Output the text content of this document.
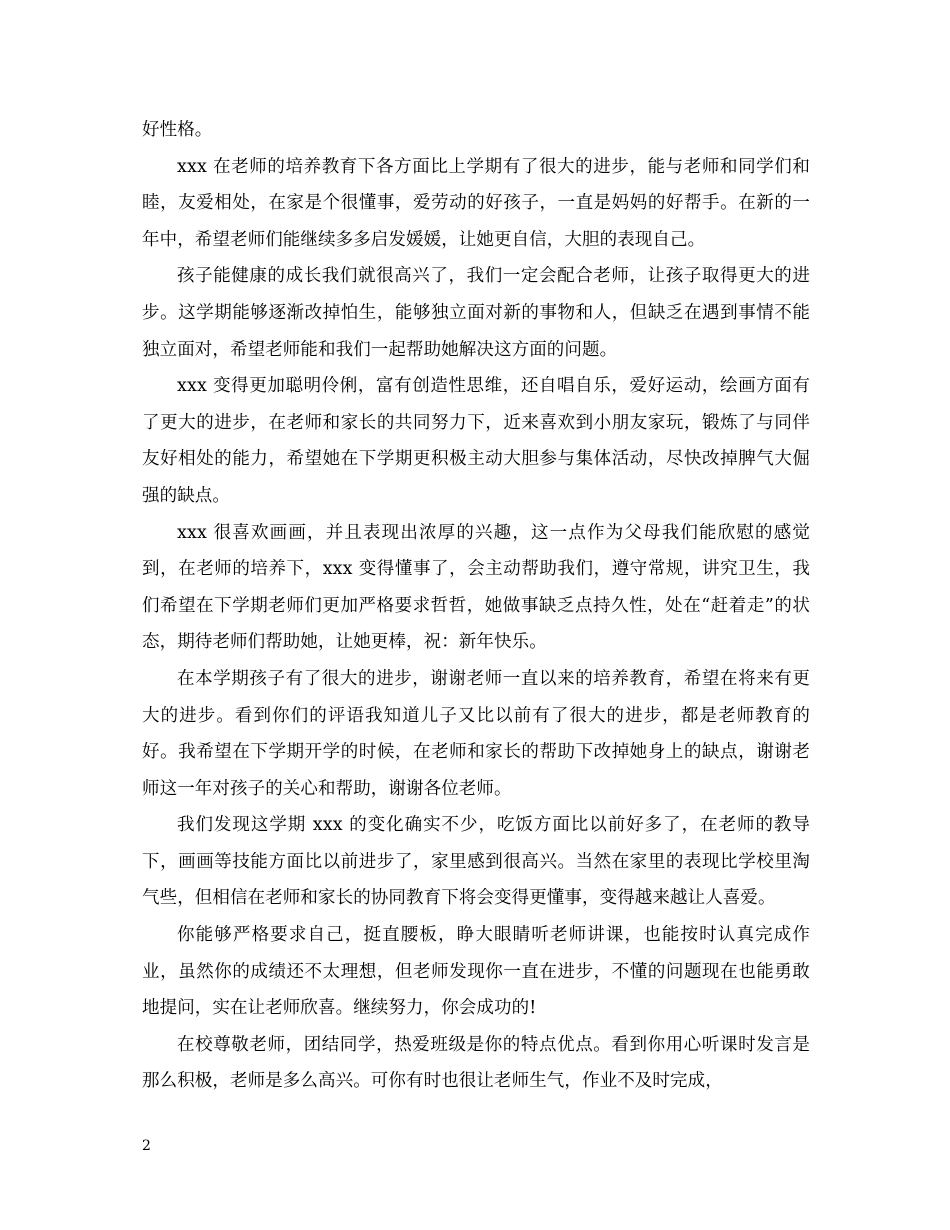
好性格。

xxx 在老师的培养教育下各方面比上学期有了很大的进步，能与老师和同学们和睦，友爱相处，在家是个很懂事，爱劳动的好孩子，一直是妈妈的好帮手。在新的一年中，希望老师们能继续多多启发媛媛，让她更自信，大胆的表现自己。

孩子能健康的成长我们就很高兴了，我们一定会配合老师，让孩子取得更大的进步。这学期能够逐渐改掉怕生，能够独立面对新的事物和人，但缺乏在遇到事情不能独立面对，希望老师能和我们一起帮助她解决这方面的问题。

xxx 变得更加聪明伶俐，富有创造性思维，还自唱自乐，爱好运动，绘画方面有了更大的进步，在老师和家长的共同努力下，近来喜欢到小朋友家玩，锻炼了与同伴友好相处的能力，希望她在下学期更积极主动大胆参与集体活动，尽快改掉脾气大倔强的缺点。

xxx 很喜欢画画，并且表现出浓厚的兴趣，这一点作为父母我们能欣慰的感觉到，在老师的培养下，xxx 变得懂事了，会主动帮助我们，遵守常规，讲究卫生，我们希望在下学期老师们更加严格要求哲哲，她做事缺乏点持久性，处在“赶着走”的状态，期待老师们帮助她，让她更棒，祝：新年快乐。

在本学期孩子有了很大的进步，谢谢老师一直以来的培养教育，希望在将来有更大的进步。看到你们的评语我知道儿子又比以前有了很大的进步，都是老师教育的好。我希望在下学期开学的时候，在老师和家长的帮助下改掉她身上的缺点，谢谢老师这一年对孩子的关心和帮助，谢谢各位老师。

我们发现这学期 xxx 的变化确实不少，吃饭方面比以前好多了，在老师的教导下，画画等技能方面比以前进步了，家里感到很高兴。当然在家里的表现比学校里淘气些，但相信在老师和家长的协同教育下将会变得更懂事，变得越来越让人喜爱。

你能够严格要求自己，挺直腰板，睁大眼睛听老师讲课，也能按时认真完成作业，虽然你的成绩还不太理想，但老师发现你一直在进步，不懂的问题现在也能勇敢地提问，实在让老师欣喜。继续努力，你会成功的!

在校尊敬老师，团结同学，热爱班级是你的特点优点。看到你用心听课时发言是那么积极，老师是多么高兴。可你有时也很让老师生气，作业不及时完成，

2
